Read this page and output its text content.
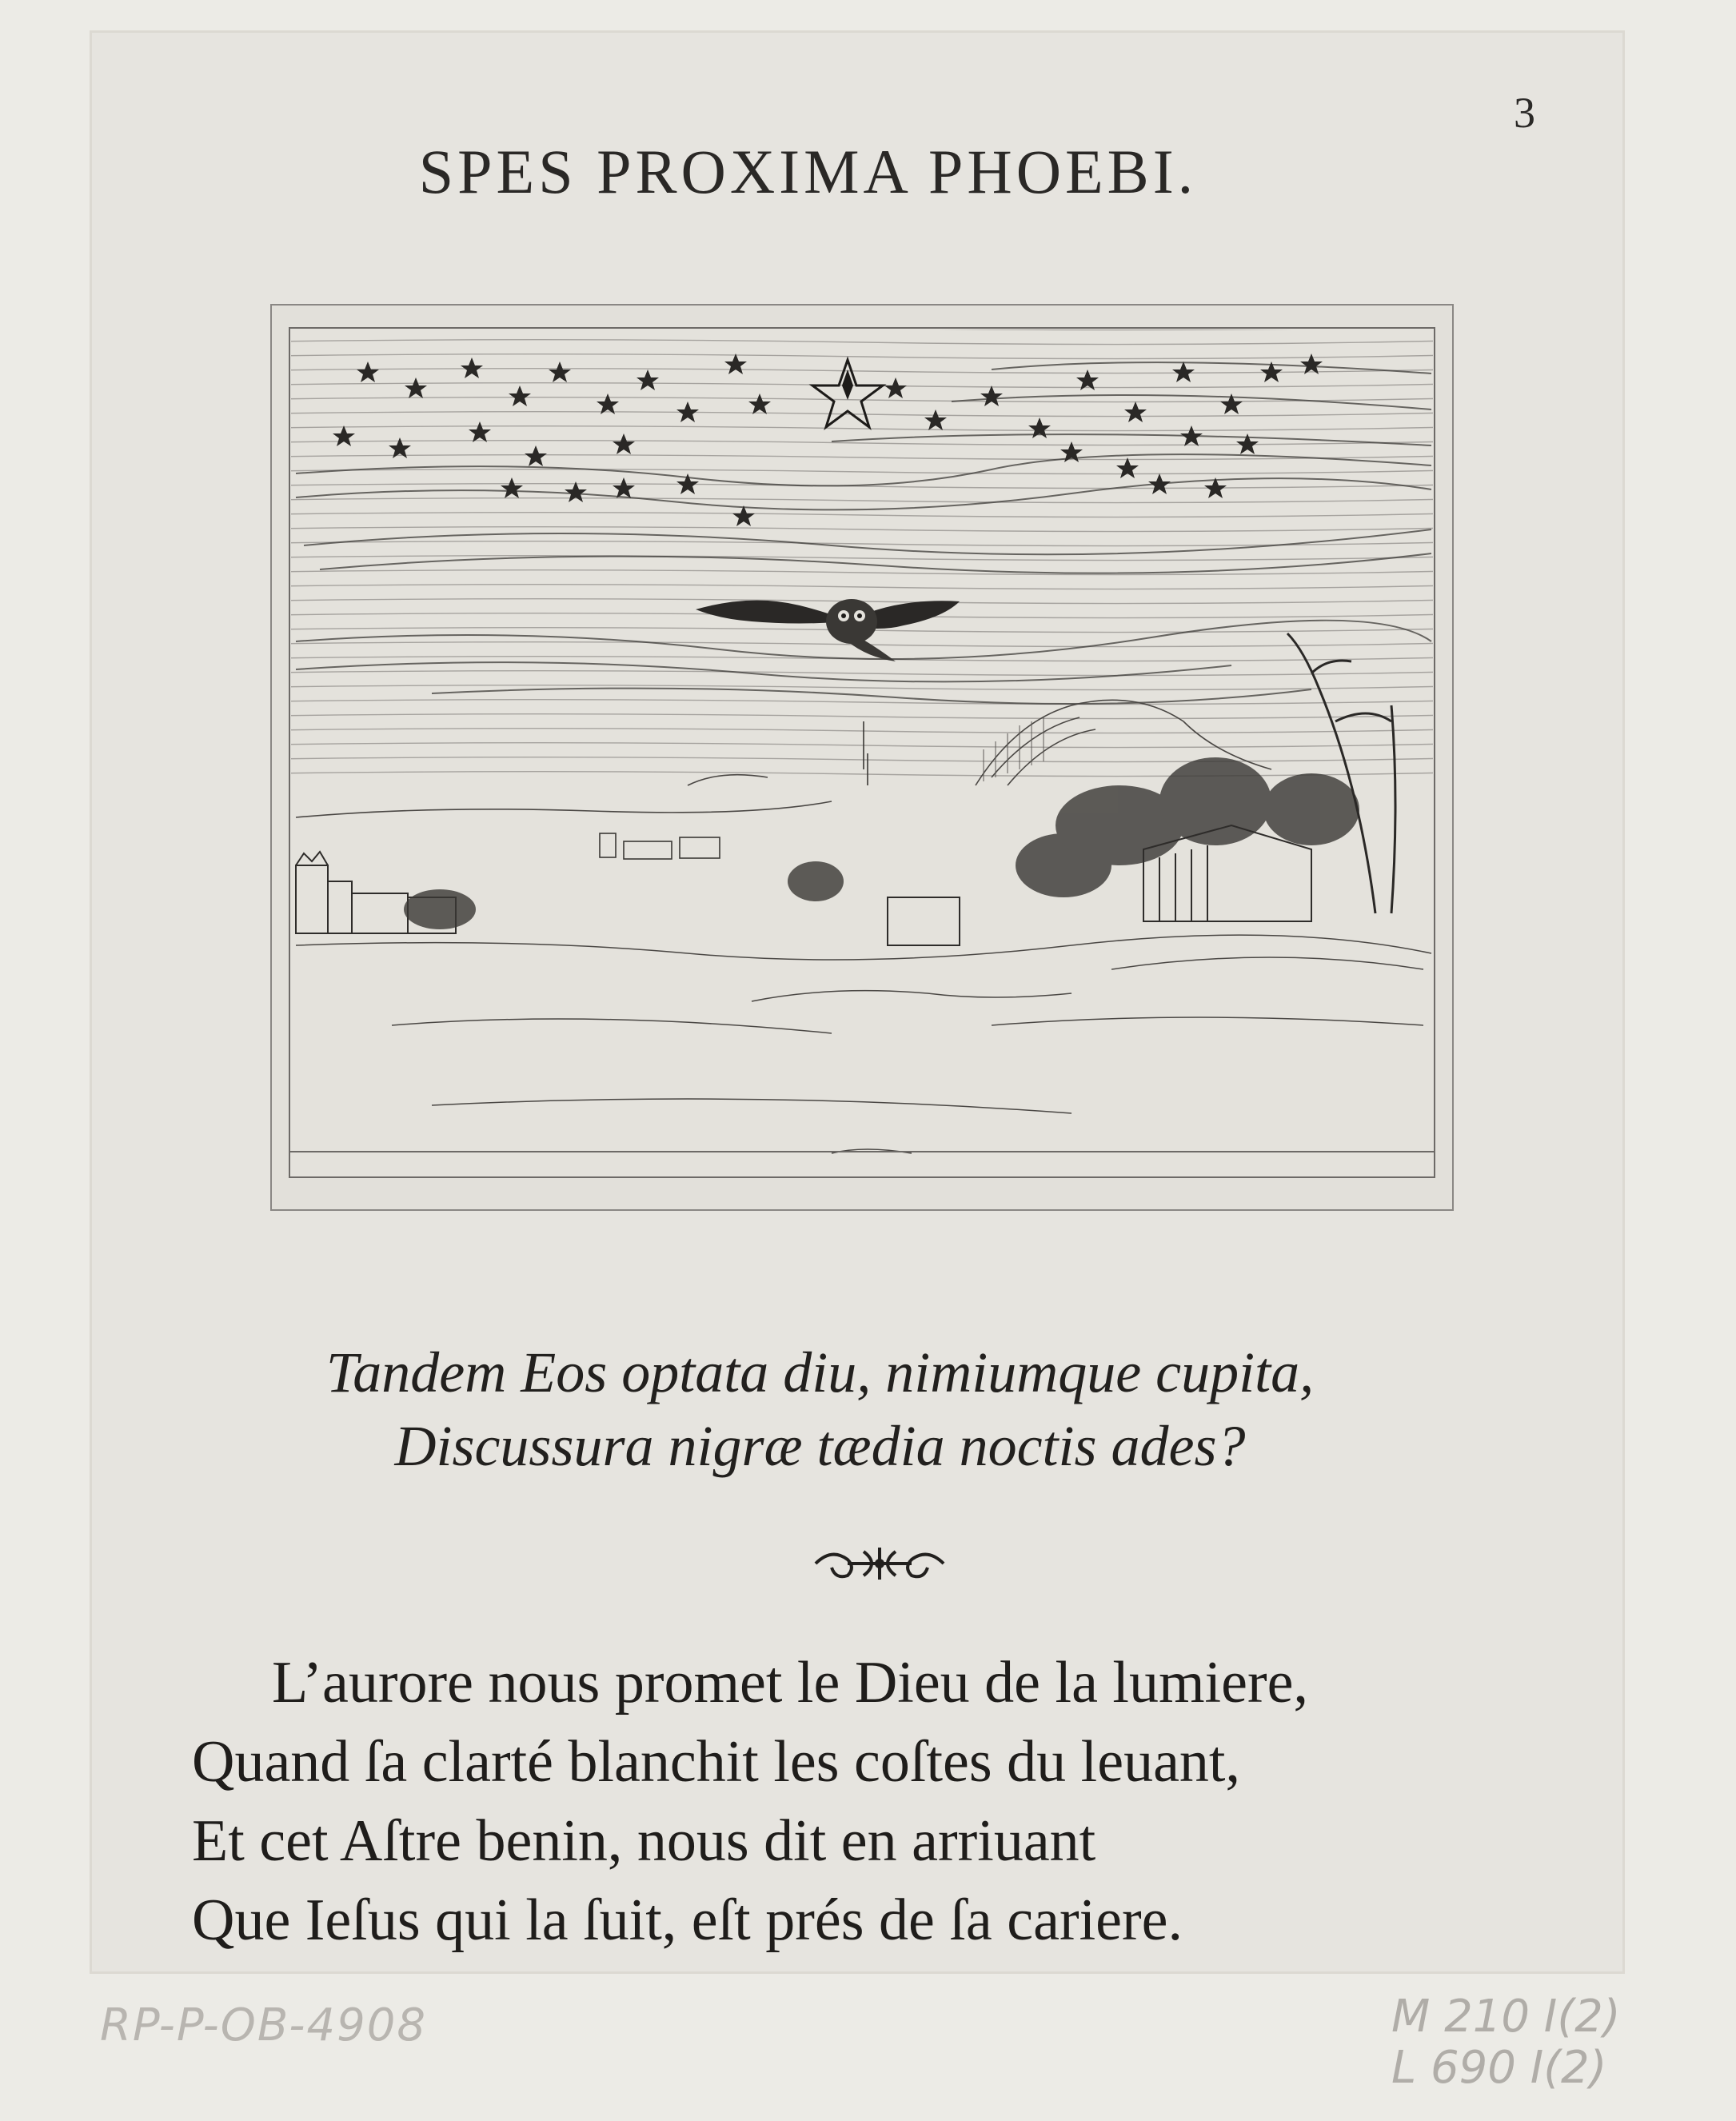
3
SPES PROXIMA PHOEBI.
Tandem Eos optata diu, nimiumque cupita,
Discussura nigræ tædia noctis ades?
L’aurore nous promet le Dieu de la lumiere,
Quand ſa clarté blanchit les coſtes du leuant,
Et cet Aſtre benin, nous dit en arriuant
Que Ieſus qui la ſuit, eſt prés de ſa cariere.
RP-P-OB-4908	M 210 I(2)
L 690 I(2)
